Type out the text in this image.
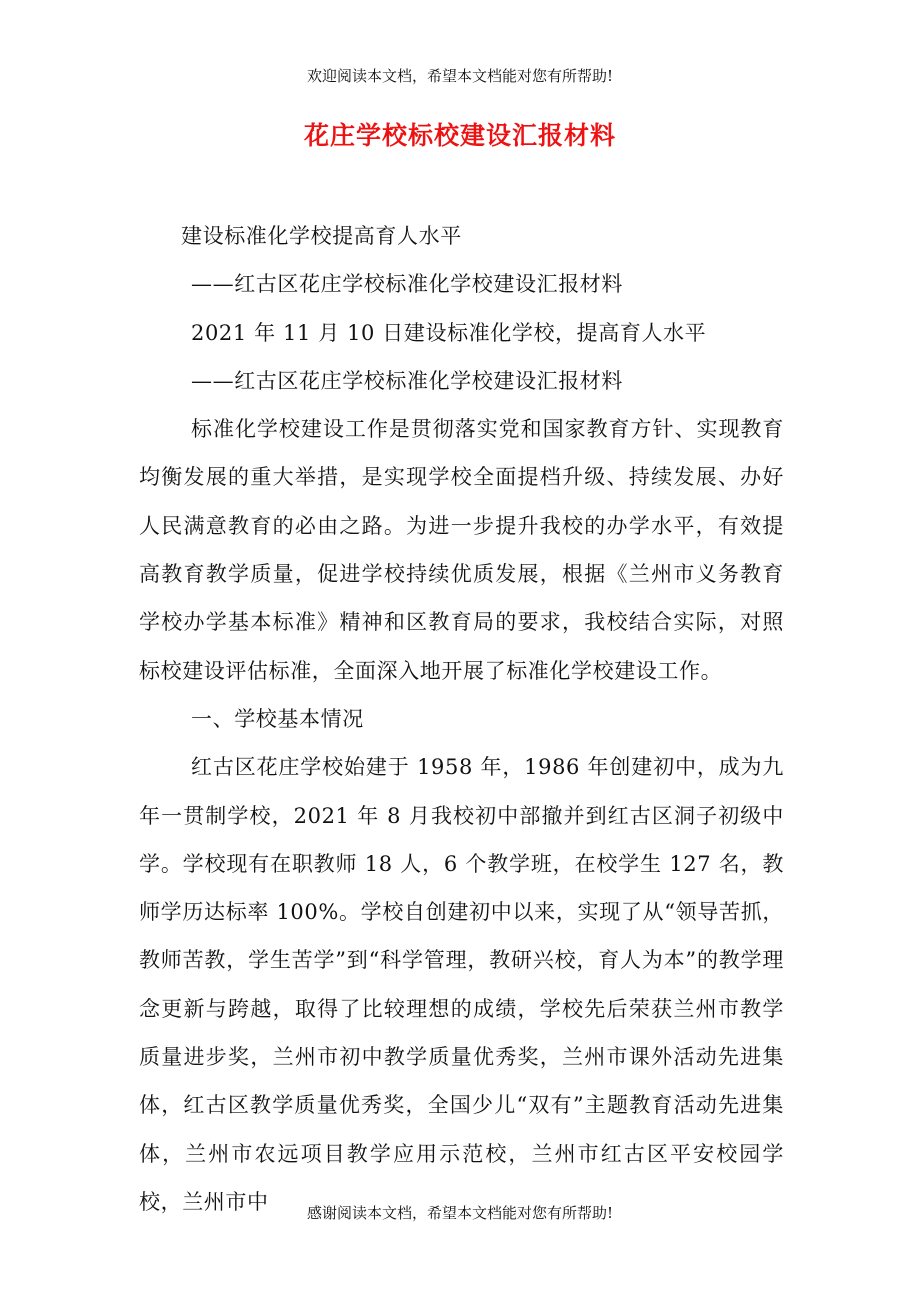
欢迎阅读本文档，希望本文档能对您有所帮助!
花庄学校标校建设汇报材料

建设标准化学校提高育人水平

——红古区花庄学校标准化学校建设汇报材料

2021 年 11 月 10 日建设标准化学校，提高育人水平

——红古区花庄学校标准化学校建设汇报材料

标准化学校建设工作是贯彻落实党和国家教育方针、实现教育均衡发展的重大举措，是实现学校全面提档升级、持续发展、办好人民满意教育的必由之路。为进一步提升我校的办学水平，有效提高教育教学质量，促进学校持续优质发展，根据《兰州市义务教育学校办学基本标准》精神和区教育局的要求，我校结合实际，对照标校建设评估标准，全面深入地开展了标准化学校建设工作。

一、学校基本情况

红古区花庄学校始建于 1958 年，1986 年创建初中，成为九年一贯制学校，2021 年 8 月我校初中部撤并到红古区洞子初级中学。学校现有在职教师 18 人，6 个教学班，在校学生 127 名，教师学历达标率 100%。学校自创建初中以来，实现了从“领导苦抓，教师苦教，学生苦学”到“科学管理，教研兴校，育人为本”的教学理念更新与跨越，取得了比较理想的成绩，学校先后荣获兰州市教学质量进步奖，兰州市初中教学质量优秀奖，兰州市课外活动先进集体，红古区教学质量优秀奖，全国少儿“双有”主题教育活动先进集体，兰州市农远项目教学应用示范校，兰州市红古区平安校园学校，兰州市中	感谢阅读本文档，希望本文档能对您有所帮助!
